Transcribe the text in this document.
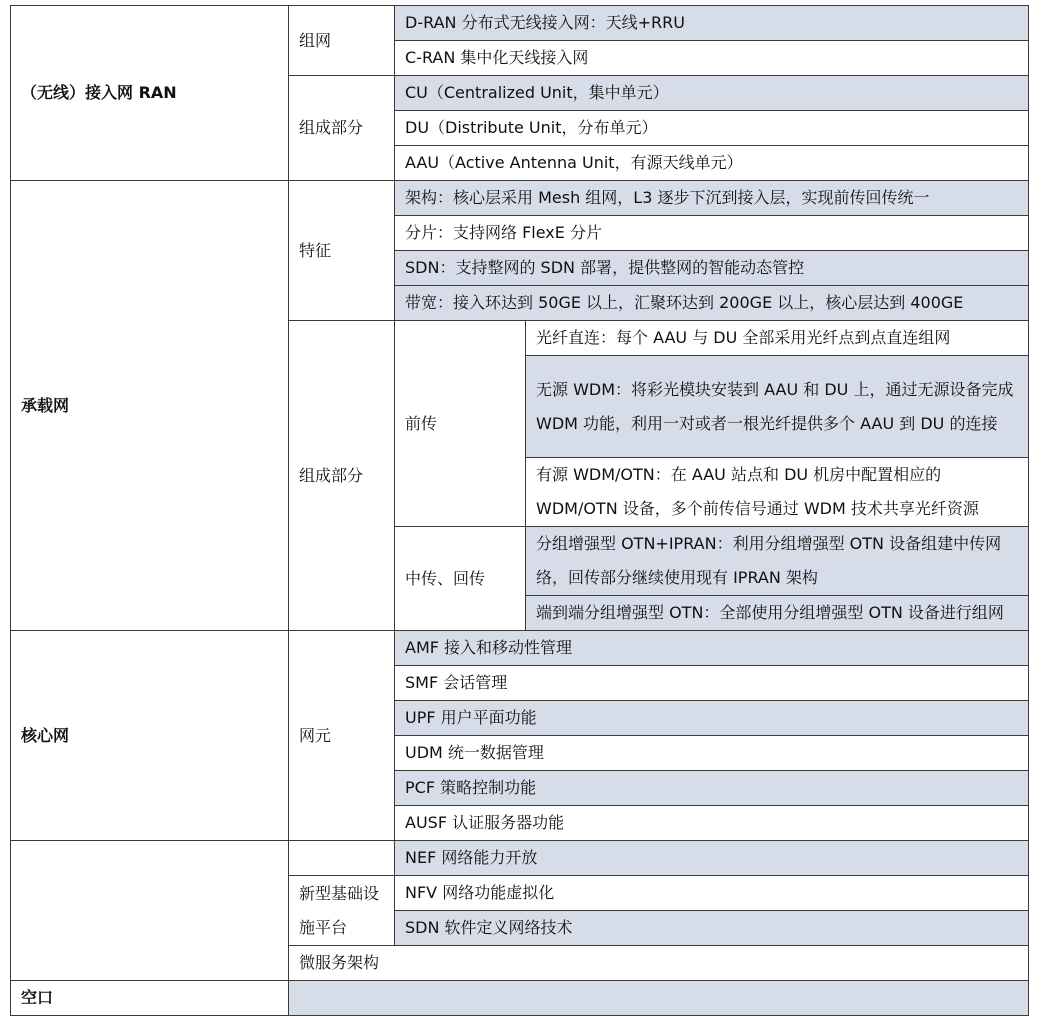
（无线）接入网 RAN	组网	D-RAN 分布式无线接入网：天线+RRU	
		C-RAN 集中化天线接入网	
	组成部分	CU（Centralized Unit，集中单元）	
		DU（Distribute Unit，分布单元）	
		AAU（Active Antenna Unit，有源天线单元）	
承载网	特征	架构：核心层采用 Mesh 组网，L3 逐步下沉到接入层，实现前传回传统一	
		分片：支持网络 FlexE 分片	
		SDN：支持整网的 SDN 部署，提供整网的智能动态管控	
		带宽：接入环达到 50GE 以上，汇聚环达到 200GE 以上，核心层达到 400GE	
	组成部分	前传	光纤直连：每个 AAU 与 DU 全部采用光纤点到点直连组网
			无源 WDM：将彩光模块安装到 AAU 和 DU 上，通过无源设备完成 WDM 功能，利用一对或者一根光纤提供多个 AAU 到 DU 的连接

			有源 WDM/OTN：在 AAU 站点和 DU 机房中配置相应的 WDM/OTN 设备，多个前传信号通过 WDM 技术共享光纤资源
		中传、回传	分组增强型 OTN+IPRAN：利用分组增强型 OTN 设备组建中传网络，回传部分继续使用现有 IPRAN 架构
			端到端分组增强型 OTN：全部使用分组增强型 OTN 设备进行组网
核心网	网元	AMF 接入和移动性管理	
		SMF 会话管理	
		UPF 用户平面功能	
		UDM 统一数据管理	
		PCF 策略控制功能	
		AUSF 认证服务器功能	
		NEF 网络能力开放	
	新型基础设施平台	NFV 网络功能虚拟化	
		SDN 软件定义网络技术	
	微服务架构		
空口			
